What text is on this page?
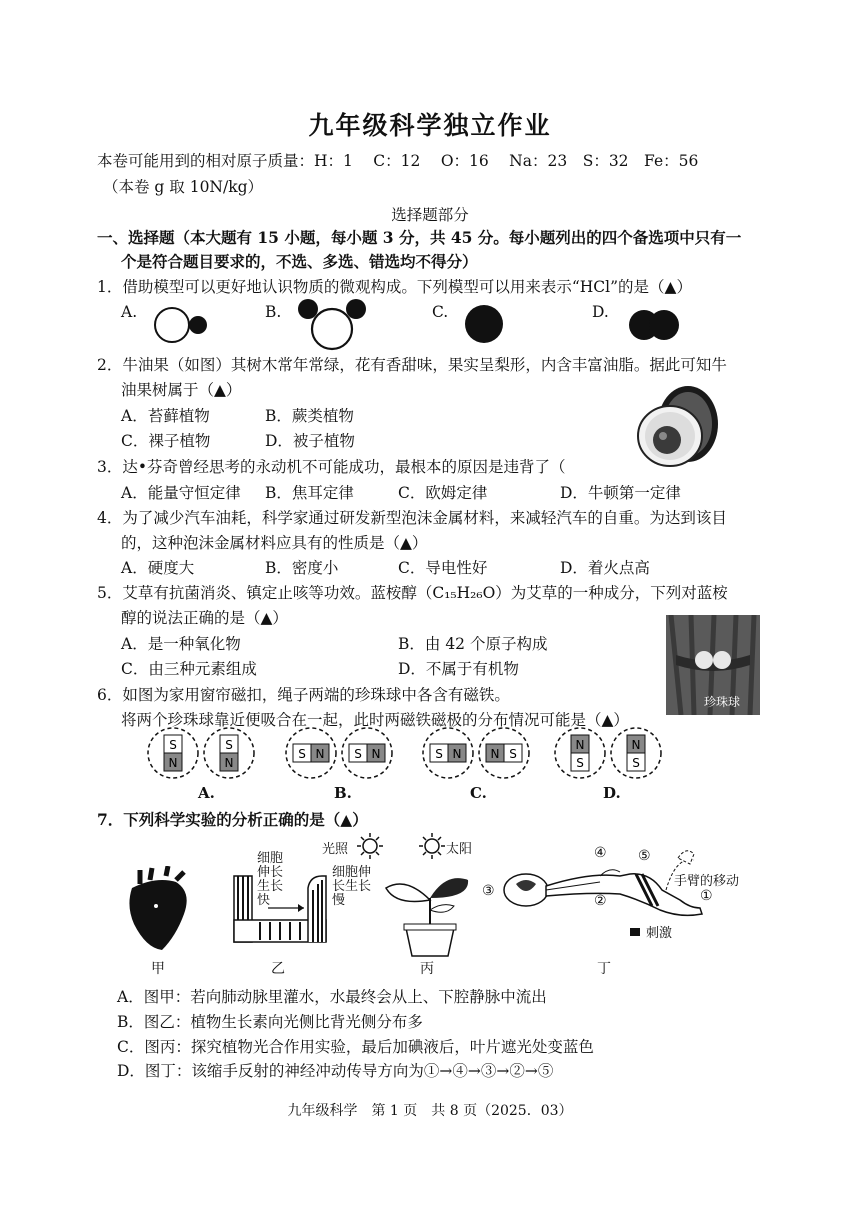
九年级科学独立作业
本卷可能用到的相对原子质量：H：1　 C：12　 O：16　 Na：23　S：32　Fe：56
（本卷 g 取 10N/kg）
选择题部分
一、选择题（本大题有 15 小题，每小题 3 分，共 45 分。每小题列出的四个备选项中只有一
个是符合题目要求的，不选、多选、错选均不得分）
1．借助模型可以更好地认识物质的微观构成。下列模型可以用来表示“HCl”的是（▲）
A.	B.	C.	D.
2．牛油果（如图）其树木常年常绿，花有香甜味，果实呈梨形，内含丰富油脂。据此可知牛
油果树属于（▲）
A．苔藓植物	B．蕨类植物
C．裸子植物	D．被子植物
3．达•芬奇曾经思考的永动机不可能成功，最根本的原因是违背了（
A．能量守恒定律 B．焦耳定律	C．欧姆定律	D．牛顿第一定律
4．为了减少汽车油耗，科学家通过研发新型泡沫金属材料，来减轻汽车的自重。为达到该目
的，这种泡沫金属材料应具有的性质是（▲）
A．硬度大	B．密度小	C．导电性好	D．着火点高
5．艾草有抗菌消炎、镇定止咳等功效。蓝桉醇（C₁₅H₂₆O）为艾草的一种成分，下列对蓝桉
醇的说法正确的是（▲）
A．是一种氧化物	B．由 42 个原子构成
C．由三种元素组成	D．不属于有机物
珍珠球
6．如图为家用窗帘磁扣，绳子两端的珍珠球中各含有磁铁。
将两个珍珠球靠近便吸合在一起，此时两磁铁磁极的分布情况可能是（▲）
S
N
S
N
S N S N	S N N S
N
S
N
S
A.	B.	C.	D.
7．下列科学实验的分析正确的是（▲）
甲
细胞
伸长
生长
快
细胞伸
长生长
慢
乙
光照	太阳
丙
④ ⑤
③
②	①
手臂的移动
刺激
丁
A．图甲：若向肺动脉里灌水，水最终会从上、下腔静脉中流出
B．图乙：植物生长素向光侧比背光侧分布多
C．图丙：探究植物光合作用实验，最后加碘液后，叶片遮光处变蓝色
D．图丁：该缩手反射的神经冲动传导方向为①→④→③→②→⑤
九年级科学　第 1 页　共 8 页（2025．03）
